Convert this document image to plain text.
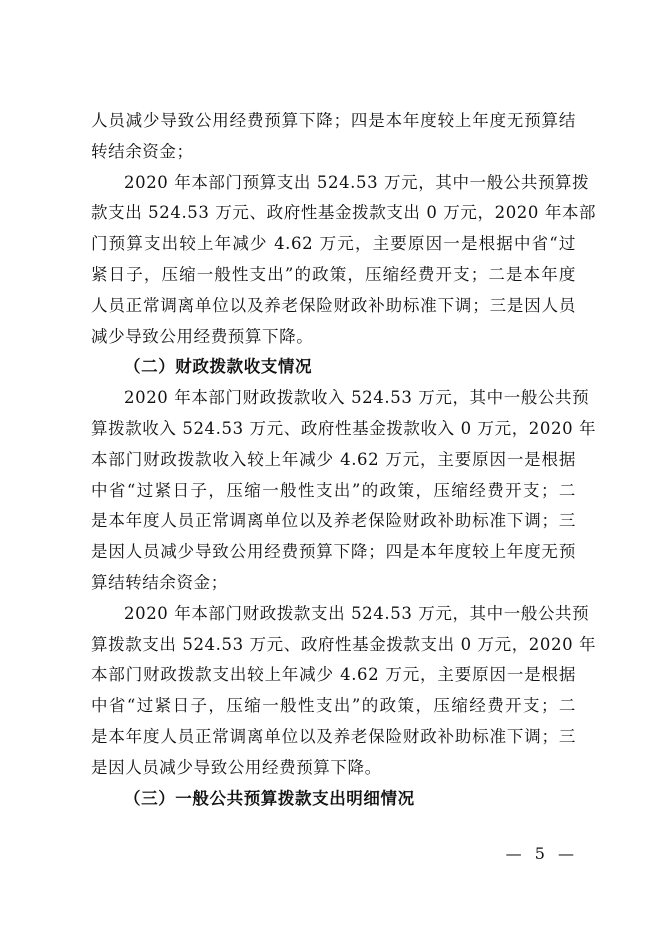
人员减少导致公用经费预算下降；四是本年度较上年度无预算结
转结余资金；
2020 年本部门预算支出 524.53 万元，其中一般公共预算拨
款支出 524.53 万元、政府性基金拨款支出 0 万元，2020 年本部
门预算支出较上年减少 4.62 万元，主要原因一是根据中省“过
紧日子，压缩一般性支出”的政策，压缩经费开支；二是本年度
人员正常调离单位以及养老保险财政补助标准下调；三是因人员
减少导致公用经费预算下降。
（二）财政拨款收支情况
2020 年本部门财政拨款收入 524.53 万元，其中一般公共预
算拨款收入 524.53 万元、政府性基金拨款收入 0 万元，2020 年
本部门财政拨款收入较上年减少 4.62 万元，主要原因一是根据
中省“过紧日子，压缩一般性支出”的政策，压缩经费开支；二
是本年度人员正常调离单位以及养老保险财政补助标准下调；三
是因人员减少导致公用经费预算下降；四是本年度较上年度无预
算结转结余资金；
2020 年本部门财政拨款支出 524.53 万元，其中一般公共预
算拨款支出 524.53 万元、政府性基金拨款支出 0 万元，2020 年
本部门财政拨款支出较上年减少 4.62 万元，主要原因一是根据
中省“过紧日子，压缩一般性支出”的政策，压缩经费开支；二
是本年度人员正常调离单位以及养老保险财政补助标准下调；三
是因人员减少导致公用经费预算下降。
（三）一般公共预算拨款支出明细情况
— 5 —
